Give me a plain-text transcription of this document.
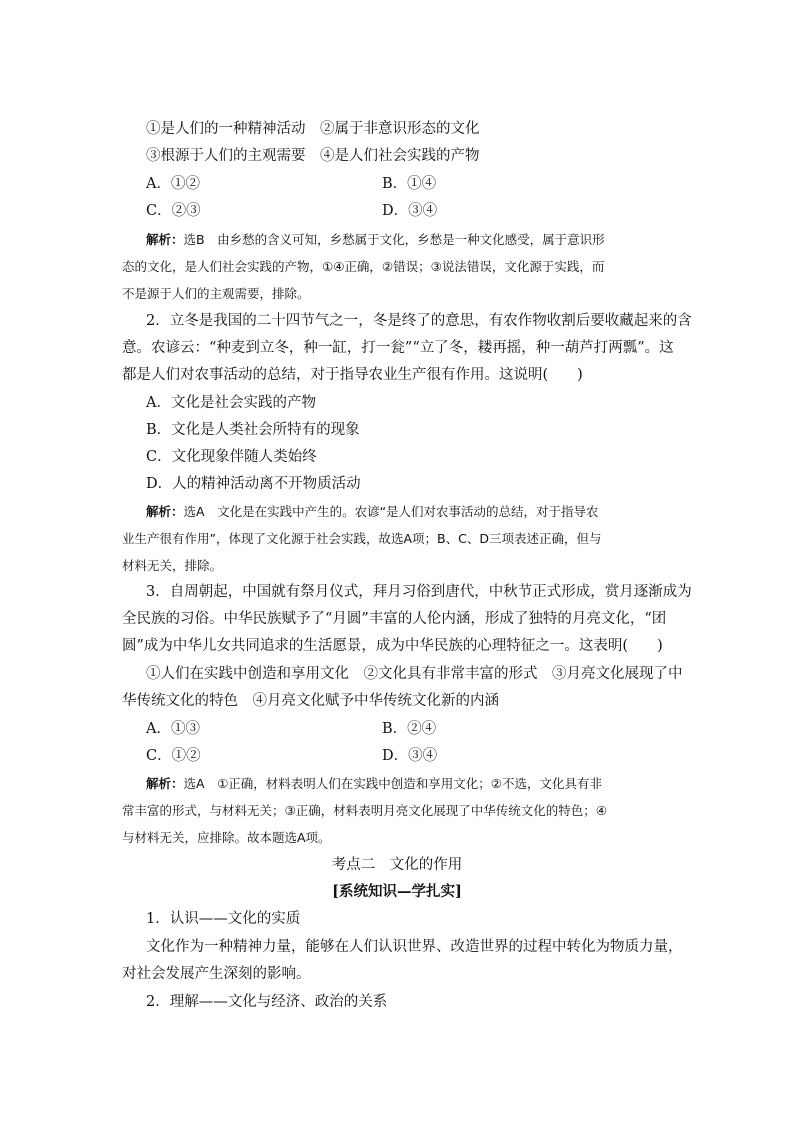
①是人们的一种精神活动　②属于非意识形态的文化
③根源于人们的主观需要　④是人们社会实践的产物
A．①②	B．①④
C．②③	D．③④
解析：选B　由乡愁的含义可知，乡愁属于文化，乡愁是一种文化感受，属于意识形
态的文化，是人们社会实践的产物，①④正确，②错误；③说法错误，文化源于实践，而
不是源于人们的主观需要，排除。
2．立冬是我国的二十四节气之一，冬是终了的意思，有农作物收割后要收藏起来的含
意。农谚云：“种麦到立冬，种一缸，打一瓮”“立了冬，耧再摇，种一葫芦打两瓢”。这
都是人们对农事活动的总结，对于指导农业生产很有作用。这说明(　　)
A．文化是社会实践的产物
B．文化是人类社会所特有的现象
C．文化现象伴随人类始终
D．人的精神活动离不开物质活动
解析：选A　文化是在实践中产生的。农谚“是人们对农事活动的总结，对于指导农
业生产很有作用”，体现了文化源于社会实践，故选A项；B、C、D三项表述正确，但与
材料无关，排除。
3．自周朝起，中国就有祭月仪式，拜月习俗到唐代，中秋节正式形成，赏月逐渐成为
全民族的习俗。中华民族赋予了“月圆”丰富的人伦内涵，形成了独特的月亮文化，“团
圆”成为中华儿女共同追求的生活愿景，成为中华民族的心理特征之一。这表明(　　)
①人们在实践中创造和享用文化　②文化具有非常丰富的形式　③月亮文化展现了中
华传统文化的特色　④月亮文化赋予中华传统文化新的内涵
A．①③	B．②④
C．①②	D．③④
解析：选A　①正确，材料表明人们在实践中创造和享用文化；②不选，文化具有非
常丰富的形式，与材料无关；③正确，材料表明月亮文化展现了中华传统文化的特色；④
与材料无关，应排除。故本题选A项。
考点二　文化的作用
[系统知识—学扎实]
1．认识——文化的实质
文化作为一种精神力量，能够在人们认识世界、改造世界的过程中转化为物质力量，
对社会发展产生深刻的影响。
2．理解——文化与经济、政治的关系
